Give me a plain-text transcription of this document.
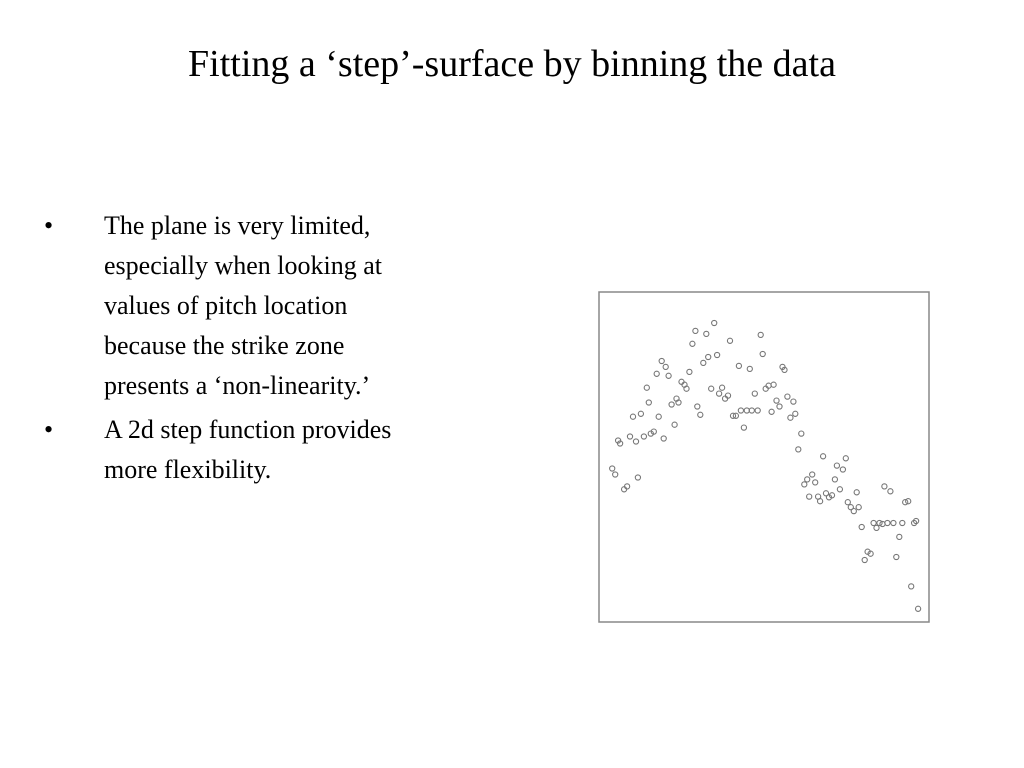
Fitting a ‘step’-surface by binning the data
•	The plane is very limited,
especially when looking at
values of pitch location
because the strike zone
presents a ‘non-linearity.’
•	A 2d step function provides
more flexibility.
